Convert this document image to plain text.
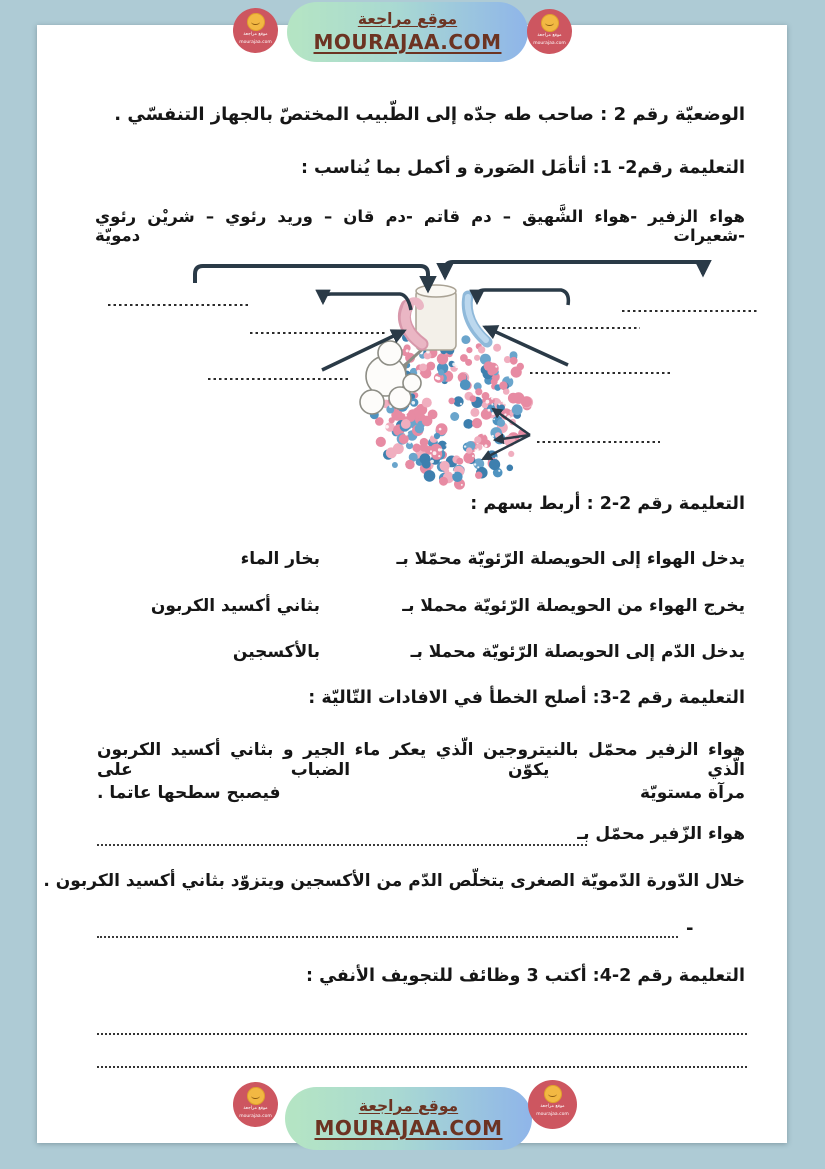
موقع مراجعة
mourajaa.com
موقع مراجعة
MOURAJAA.COM	موقع مراجعة
mourajaa.com
الوضعيّة رقم 2 : صاحب طه جدّه إلى الطّبيب المختصّ بالجهاز التنفسّي .
التعليمة رقم2- 1: أتأمَل الصَورة و أكمل بما يُناسب :
هواء الزفير -هواء الشَّهيق – دم قاتم -دم قان – وريد رئوي – شريْن رئوي -شعيرات دمويّة
التعليمة رقم 2-2 : أربط بسهم :
يدخل الهواء إلى الحويصلة الرّئويّة محمّلا بـ
بخار الماء
يخرج الهواء من الحويصلة الرّئويّة محملا بـ
بثاني أكسيد الكربون
يدخل الدّم إلى الحويصلة الرّئويّة محملا بـ
بالأكسجين
التعليمة رقم 2-3: أصلح الخطأ في الافادات التّاليّة :
هواء الزفير محمّل بالنيتروجين الّذي يعكر ماء الجير و بثاني أكسيد الكربون الّذي يكوّن الضباب على
مرآة مستويّة
فيصبح سطحها عاتما .
هواء الزّفير محمّل بـ
خلال الدّورة الدّمويّة الصغرى يتخلّص الدّم من الأكسجين ويتزوّد بثاني أكسيد الكربون .
-
التعليمة رقم 2-4: أكتب 3 وظائف للتجويف الأنفي :
موقع مراجعة
mourajaa.com
موقع مراجعة
MOURAJAA.COM
موقع مراجعة
mourajaa.com
